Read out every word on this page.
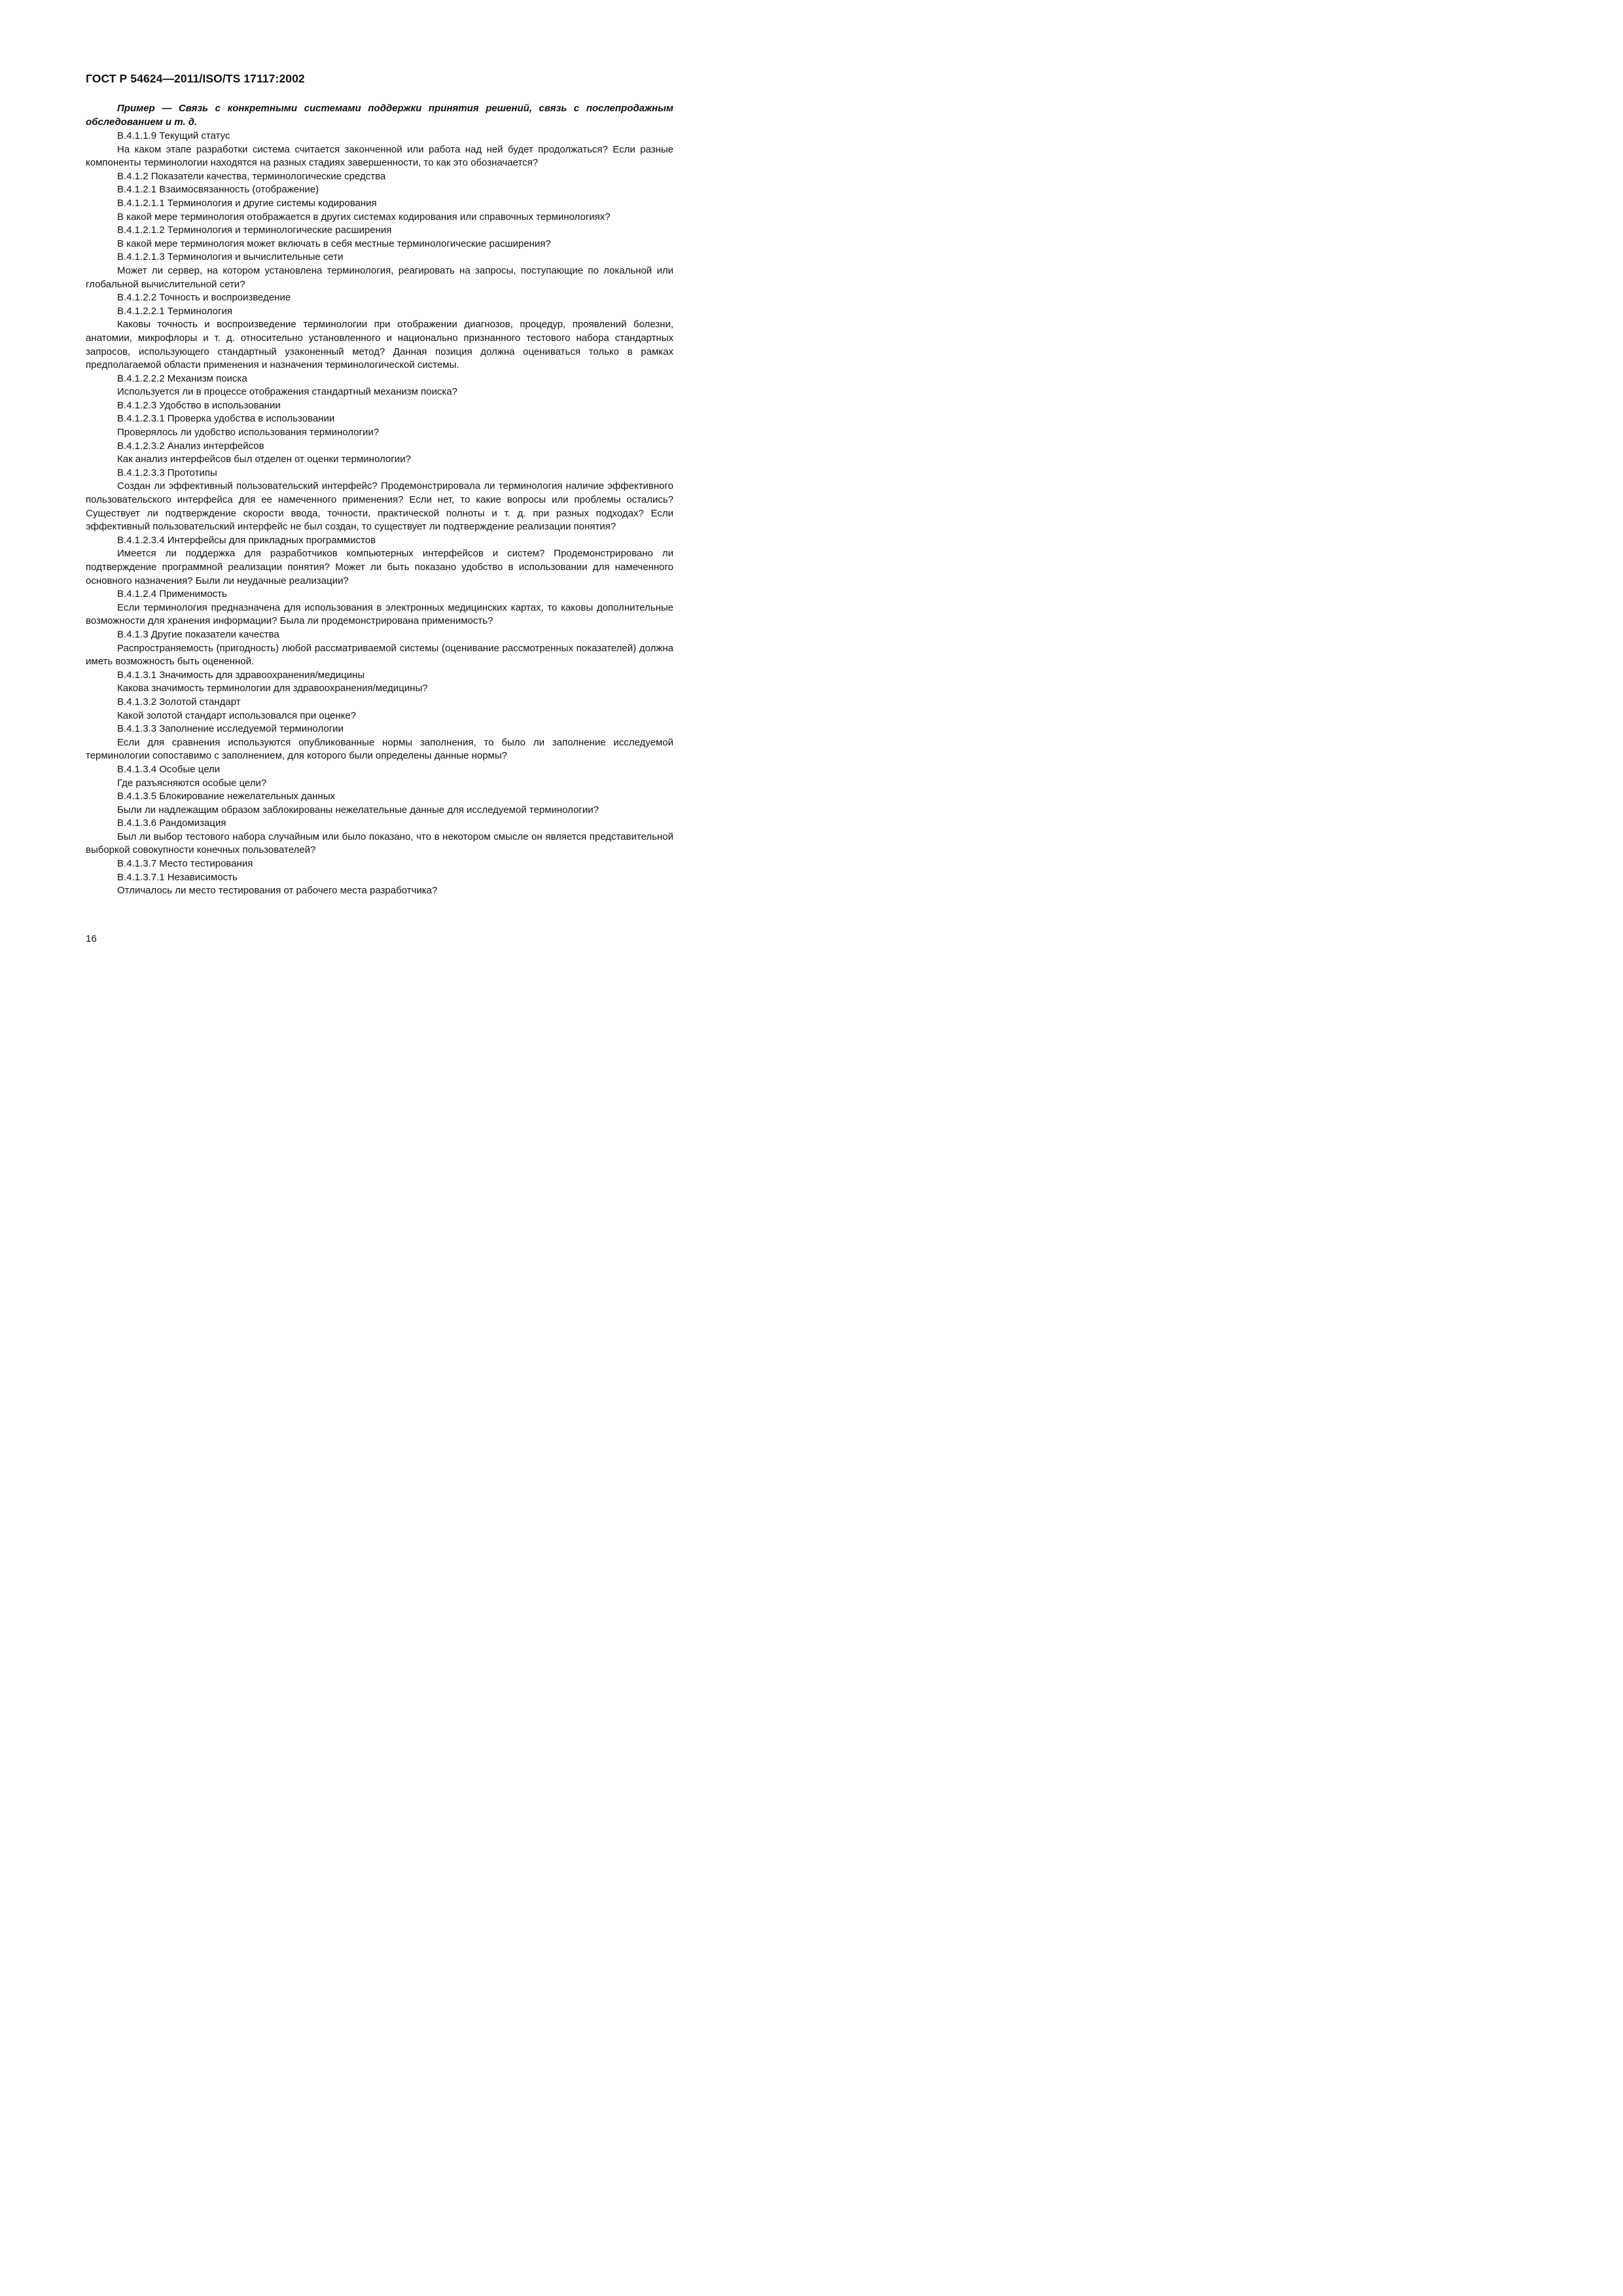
ГОСТ Р 54624—2011/ISO/TS 17117:2002

Пример — Связь с конкретными системами поддержки принятия решений, связь с послепродажным обследованием и т. д.

В.4.1.1.9 Текущий статус

На каком этапе разработки система считается законченной или работа над ней будет продолжаться? Если разные компоненты терминологии находятся на разных стадиях завершенности, то как это обозначается?

В.4.1.2 Показатели качества, терминологические средства

В.4.1.2.1 Взаимосвязанность (отображение)

В.4.1.2.1.1 Терминология и другие системы кодирования

В какой мере терминология отображается в других системах кодирования или справочных терминологиях?

В.4.1.2.1.2 Терминология и терминологические расширения

В какой мере терминология может включать в себя местные терминологические расширения?

В.4.1.2.1.3 Терминология и вычислительные сети

Может ли сервер, на котором установлена терминология, реагировать на запросы, поступающие по локальной или глобальной вычислительной сети?

В.4.1.2.2 Точность и воспроизведение

В.4.1.2.2.1 Терминология

Каковы точность и воспроизведение терминологии при отображении диагнозов, процедур, проявлений болезни, анатомии, микрофлоры и т. д. относительно установленного и национально признанного тестового набора стандартных запросов, использующего стандартный узаконенный метод? Данная позиция должна оцениваться только в рамках предполагаемой области применения и назначения терминологической системы.

В.4.1.2.2.2 Механизм поиска

Используется ли в процессе отображения стандартный механизм поиска?

В.4.1.2.3 Удобство в использовании

В.4.1.2.3.1 Проверка удобства в использовании

Проверялось ли удобство использования терминологии?

В.4.1.2.3.2 Анализ интерфейсов

Как анализ интерфейсов был отделен от оценки терминологии?

В.4.1.2.3.3 Прототипы

Создан ли эффективный пользовательский интерфейс? Продемонстрировала ли терминология наличие эффективного пользовательского интерфейса для ее намеченного применения? Если нет, то какие вопросы или проблемы остались? Существует ли подтверждение скорости ввода, точности, практической полноты и т. д. при разных подходах? Если эффективный пользовательский интерфейс не был создан, то существует ли подтверждение реализации понятия?

В.4.1.2.3.4 Интерфейсы для прикладных программистов

Имеется ли поддержка для разработчиков компьютерных интерфейсов и систем? Продемонстрировано ли подтверждение программной реализации понятия? Может ли быть показано удобство в использовании для намеченного основного назначения? Были ли неудачные реализации?

В.4.1.2.4 Применимость

Если терминология предназначена для использования в электронных медицинских картах, то каковы дополнительные возможности для хранения информации? Была ли продемонстрирована применимость?

В.4.1.3 Другие показатели качества

Распространяемость (пригодность) любой рассматриваемой системы (оценивание рассмотренных показателей) должна иметь возможность быть оцененной.

В.4.1.3.1 Значимость для здравоохранения/медицины

Какова значимость терминологии для здравоохранения/медицины?

В.4.1.3.2 Золотой стандарт

Какой золотой стандарт использовался при оценке?

В.4.1.3.3 Заполнение исследуемой терминологии

Если для сравнения используются опубликованные нормы заполнения, то было ли заполнение исследуемой терминологии сопоставимо с заполнением, для которого были определены данные нормы?

В.4.1.3.4 Особые цели

Где разъясняются особые цели?

В.4.1.3.5 Блокирование нежелательных данных

Были ли надлежащим образом заблокированы нежелательные данные для исследуемой терминологии?

В.4.1.3.6 Рандомизация

Был ли выбор тестового набора случайным или было показано, что в некотором смысле он является представительной выборкой совокупности конечных пользователей?

В.4.1.3.7 Место тестирования

В.4.1.3.7.1 Независимость

Отличалось ли место тестирования от рабочего места разработчика?

16
